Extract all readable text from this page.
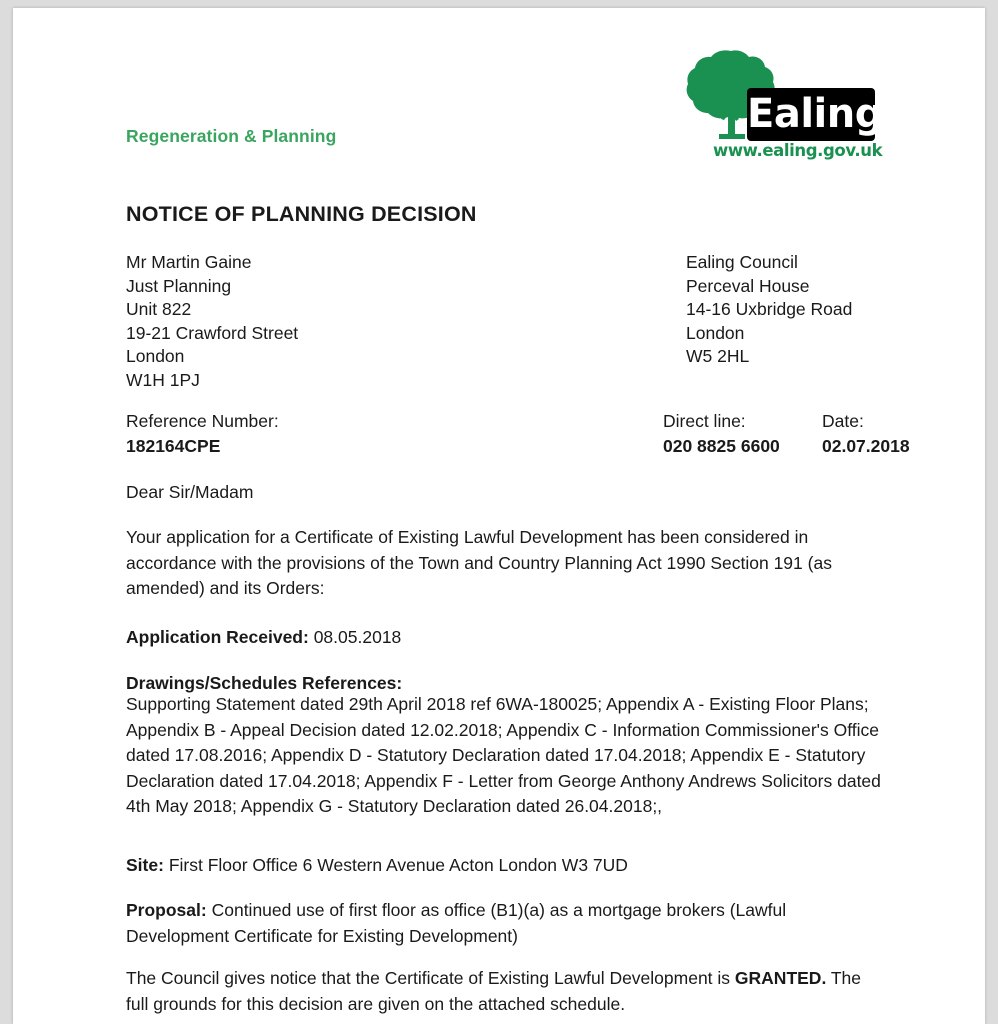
Ealing
www.ealing.gov.uk
Regeneration & Planning
NOTICE OF PLANNING DECISION
Mr Martin Gaine
Just Planning
Unit 822
19-21 Crawford Street
London
W1H 1PJ
Ealing Council
Perceval House
14-16 Uxbridge Road
London
W5 2HL
Reference Number:
182164CPE
Direct line:
020 8825 6600
Date:
02.07.2018
Dear Sir/Madam
Your application for a Certificate of Existing Lawful Development has been considered in accordance with the provisions of the Town and Country Planning Act 1990 Section 191 (as amended) and its Orders:
Application Received: 08.05.2018
Drawings/Schedules References:
Supporting Statement dated 29th April 2018 ref 6WA-180025; Appendix A - Existing Floor Plans; Appendix B - Appeal Decision dated 12.02.2018; Appendix C - Information Commissioner's Office dated 17.08.2016; Appendix D - Statutory Declaration dated 17.04.2018; Appendix E - Statutory Declaration dated 17.04.2018; Appendix F - Letter from George Anthony Andrews Solicitors dated 4th May 2018; Appendix G - Statutory Declaration dated 26.04.2018;,
Site: First Floor Office 6 Western Avenue Acton London W3 7UD
Proposal: Continued use of first floor as office (B1)(a) as a mortgage brokers (Lawful Development Certificate for Existing Development)
The Council gives notice that the Certificate of Existing Lawful Development is GRANTED. The full grounds for this decision are given on the attached schedule.
